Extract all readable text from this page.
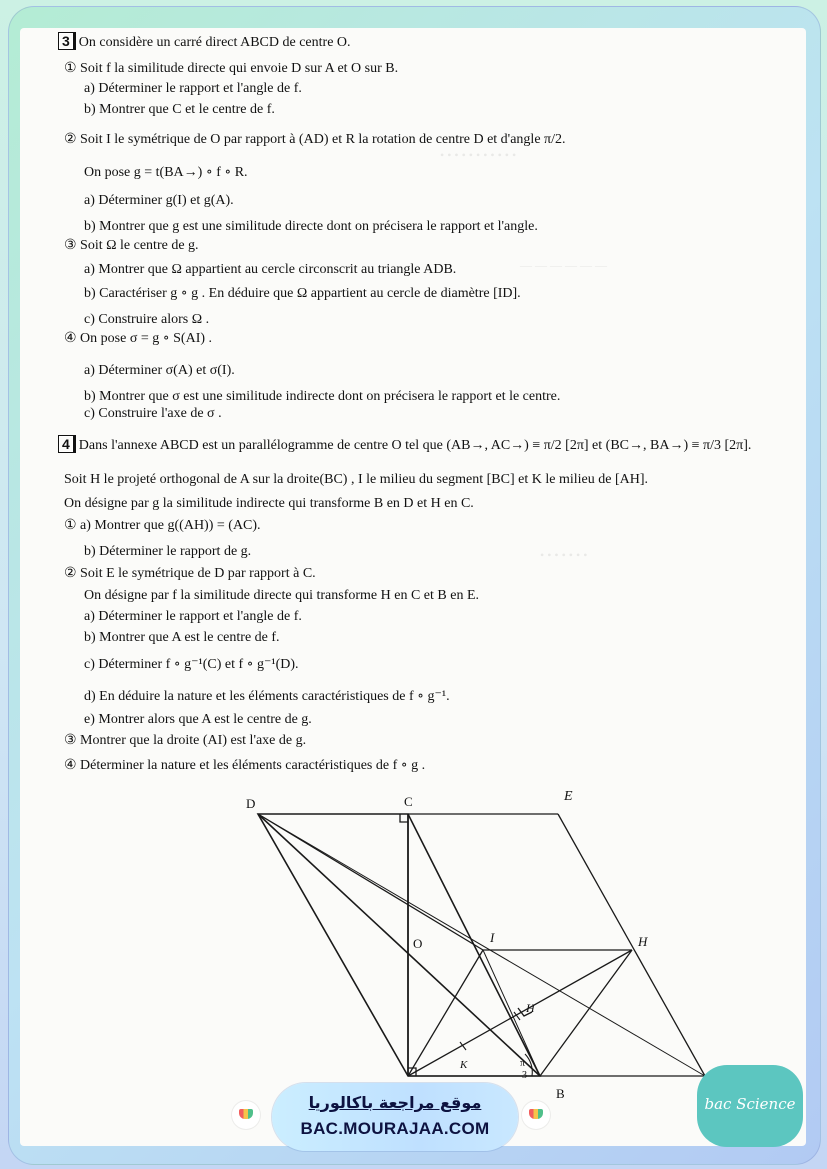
• • • • • • • • • • •
— — — — — —
• • • • • • •
3 On considère un carré direct ABCD de centre O.
① Soit f la similitude directe qui envoie D sur A et O sur B.
a) Déterminer le rapport et l'angle de f.
b) Montrer que C et le centre de f.
② Soit I le symétrique de O par rapport à (AD) et R la rotation de centre D et d'angle π/2.
On pose g = t(BA→) ∘ f ∘ R.
a) Déterminer g(I) et g(A).
b) Montrer que g est une similitude directe dont on précisera le rapport et l'angle.
③ Soit Ω le centre de g.
a) Montrer que Ω appartient au cercle circonscrit au triangle ADB.
b) Caractériser g ∘ g . En déduire que Ω appartient au cercle de diamètre [ID].
c) Construire alors Ω .
④ On pose σ = g ∘ S(AI) .
a) Déterminer σ(A) et σ(I).
b) Montrer que σ est une similitude indirecte dont on précisera le rapport et le centre.
c) Construire l'axe de σ .
4 Dans l'annexe ABCD est un parallélogramme de centre O tel que (AB→, AC→) ≡ π/2 [2π] et (BC→, BA→) ≡ π/3 [2π].
Soit H le projeté orthogonal de A sur la droite(BC) , I le milieu du segment [BC] et K le milieu de [AH].
On désigne par g la similitude indirecte qui transforme B en D et H en C.
① a) Montrer que g((AH)) = (AC).
b) Déterminer le rapport de g.
② Soit E le symétrique de D par rapport à C.
On désigne par f la similitude directe qui transforme H en C et B en E.
a) Déterminer le rapport et l'angle de f.
b) Montrer que A est le centre de f.
c) Déterminer f ∘ g⁻¹(C) et f ∘ g⁻¹(D).
d) En déduire la nature et les éléments caractéristiques de f ∘ g⁻¹.
e) Montrer alors que A est le centre de g.
③ Montrer que la droite (AI) est l'axe de g.
④ Déterminer la nature et les éléments caractéristiques de f ∘ g .
D	C	E
O	I	H
H
K
B
π
3
موقع مراجعة باكالوريا
BAC.MOURAJAA.COM
bac Science
